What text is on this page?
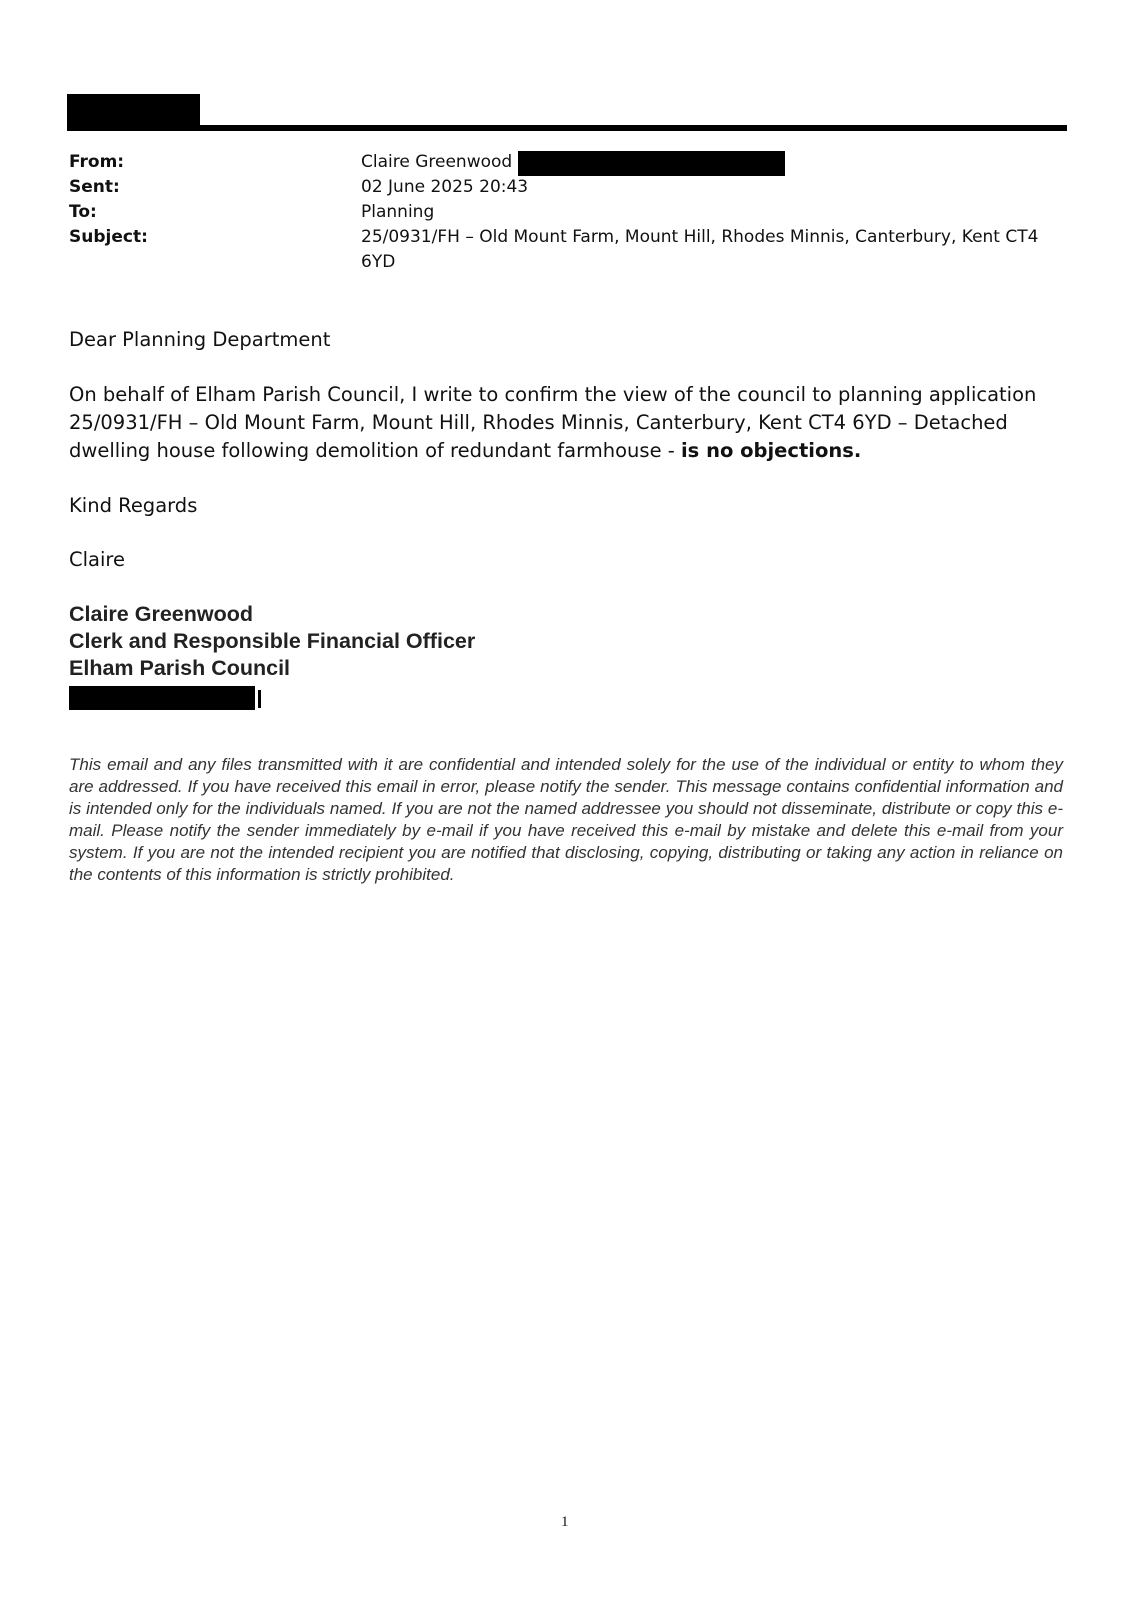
From:	Claire Greenwood
Sent:	02 June 2025 20:43
To:	Planning
Subject:	25/0931/FH – Old Mount Farm, Mount Hill, Rhodes Minnis, Canterbury, Kent CT4
6YD

Dear Planning Department

On behalf of Elham Parish Council, I write to confirm the view of the council to planning application 25/0931/FH – Old Mount Farm, Mount Hill, Rhodes Minnis, Canterbury, Kent CT4 6YD – Detached dwelling house following demolition of redundant farmhouse - is no objections.

Kind Regards

Claire

Claire Greenwood
Clerk and Responsible Financial Officer
Elham Parish Council

This email and any files transmitted with it are confidential and intended solely for the use of the individual or entity to whom they are addressed. If you have received this email in error, please notify the sender. This message contains confidential information and is intended only for the individuals named. If you are not the named addressee you should not disseminate, distribute or copy this e-mail. Please notify the sender immediately by e-mail if you have received this e-mail by mistake and delete this e-mail from your system. If you are not the intended recipient you are notified that disclosing, copying, distributing or taking any action in reliance on the contents of this information is strictly prohibited.

1
